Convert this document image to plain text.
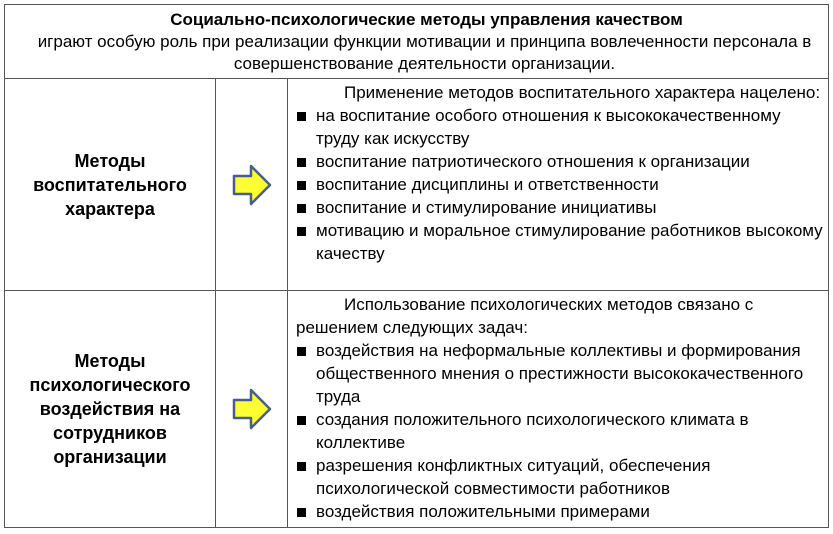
Социально-психологические методы управления качеством
играют особую роль при реализации функции мотивации и принципа вовлеченности персонала в совершенствование деятельности организации.
Методы воспитательного характера

Применение методов воспитательного характера нацелено:

на воспитание особого отношения к высококачественному труду как искусству
воспитание патриотического отношения к организации
воспитание дисциплины и ответственности
воспитание и стимулирование инициативы
мотивацию и моральное стимулирование работников высокому качеству
Методы психологического воздействия на сотрудников организации

Использование психологических методов связано с решением следующих задач:

воздействия на неформальные коллективы и формирования общественного мнения о престижности высококачественного труда
создания положительного психологического климата в коллективе
разрешения конфликтных ситуаций, обеспечения психологической совместимости работников
воздействия положительными примерами
